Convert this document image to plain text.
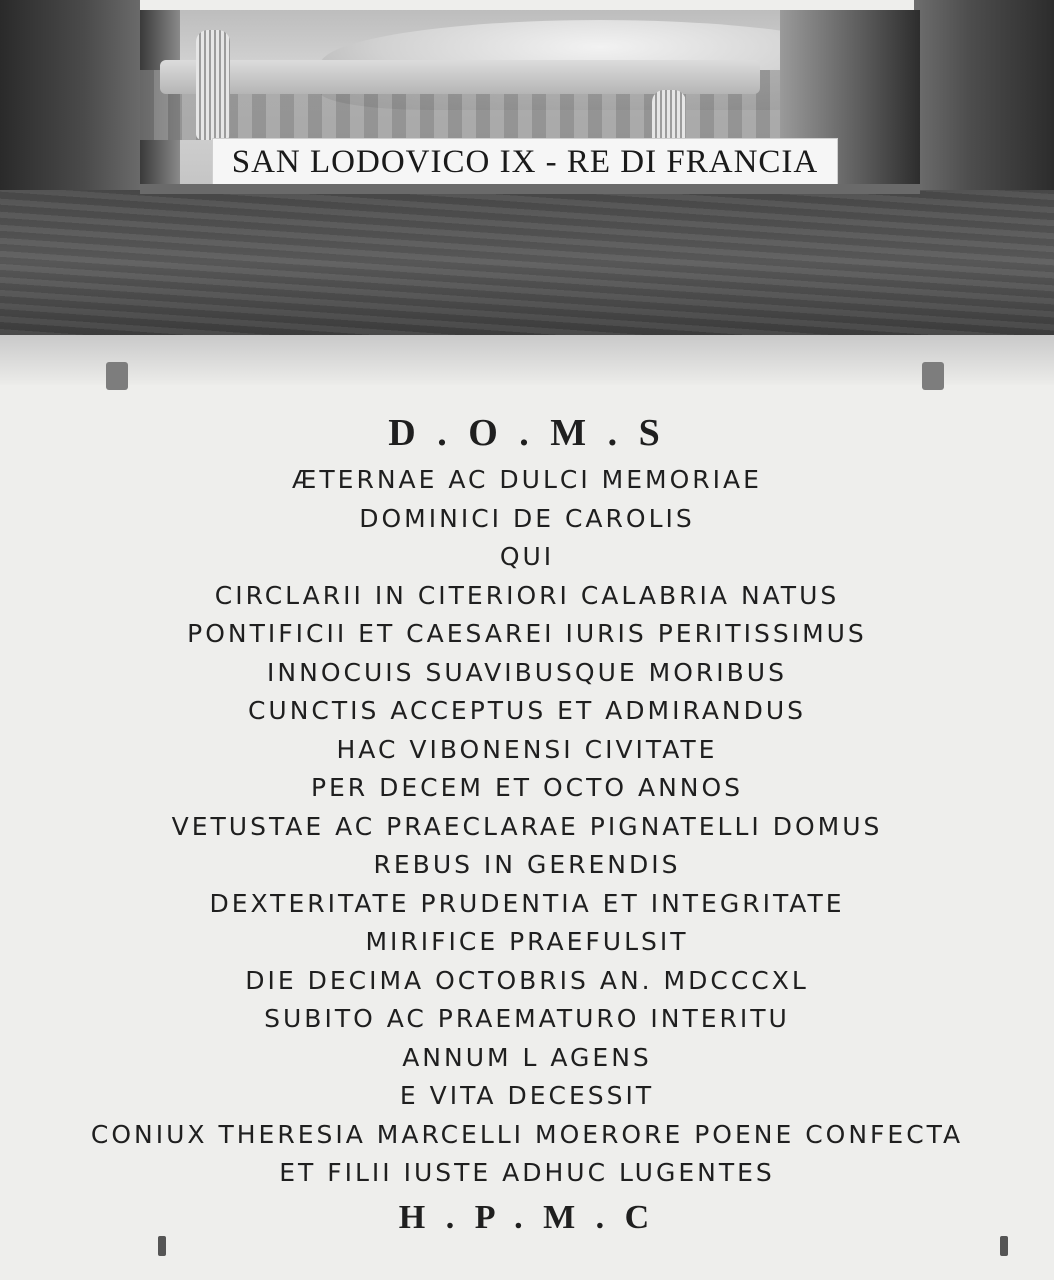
SAN LODOVICO IX - RE DI FRANCIA
D . O . M . S
ÆTERNAE AC DULCI MEMORIAE
DOMINICI DE CAROLIS
QUI
CIRCLARII IN CITERIORI CALABRIA NATUS
PONTIFICII ET CAESAREI IURIS PERITISSIMUS
INNOCUIS SUAVIBUSQUE MORIBUS
CUNCTIS ACCEPTUS ET ADMIRANDUS
HAC VIBONENSI CIVITATE
PER DECEM ET OCTO ANNOS
VETUSTAE AC PRAECLARAE PIGNATELLI DOMUS
REBUS IN GERENDIS
DEXTERITATE PRUDENTIA ET INTEGRITATE
MIRIFICE PRAEFULSIT
DIE DECIMA OCTOBRIS AN. MDCCCXL
SUBITO AC PRAEMATURO INTERITU
ANNUM L AGENS
E VITA DECESSIT
CONIUX THERESIA MARCELLI MOERORE POENE CONFECTA
ET FILII IUSTE ADHUC LUGENTES
H . P . M . C
